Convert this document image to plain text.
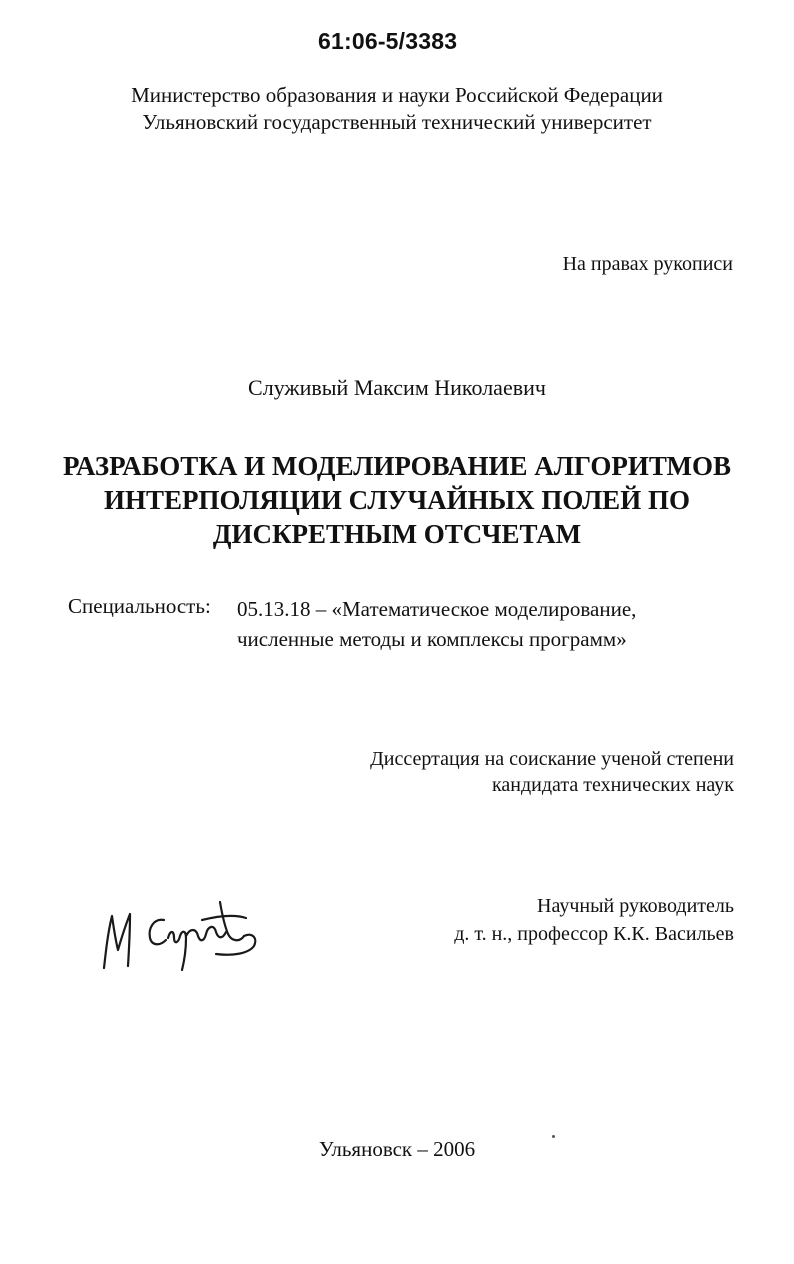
61:06-5/3383
Министерство образования и науки Российской Федерации
Ульяновский государственный технический университет
На правах рукописи
Служивый Максим Николаевич
РАЗРАБОТКА И МОДЕЛИРОВАНИЕ АЛГОРИТМОВ
ИНТЕРПОЛЯЦИИ СЛУЧАЙНЫХ ПОЛЕЙ ПО
ДИСКРЕТНЫМ ОТСЧЕТАМ
Специальность: 05.13.18 – «Математическое моделирование,
численные методы и комплексы программ»
Диссертация на соискание ученой степени
кандидата технических наук
Научный руководитель
д. т. н., профессор К.К. Васильев
Ульяновск – 2006
